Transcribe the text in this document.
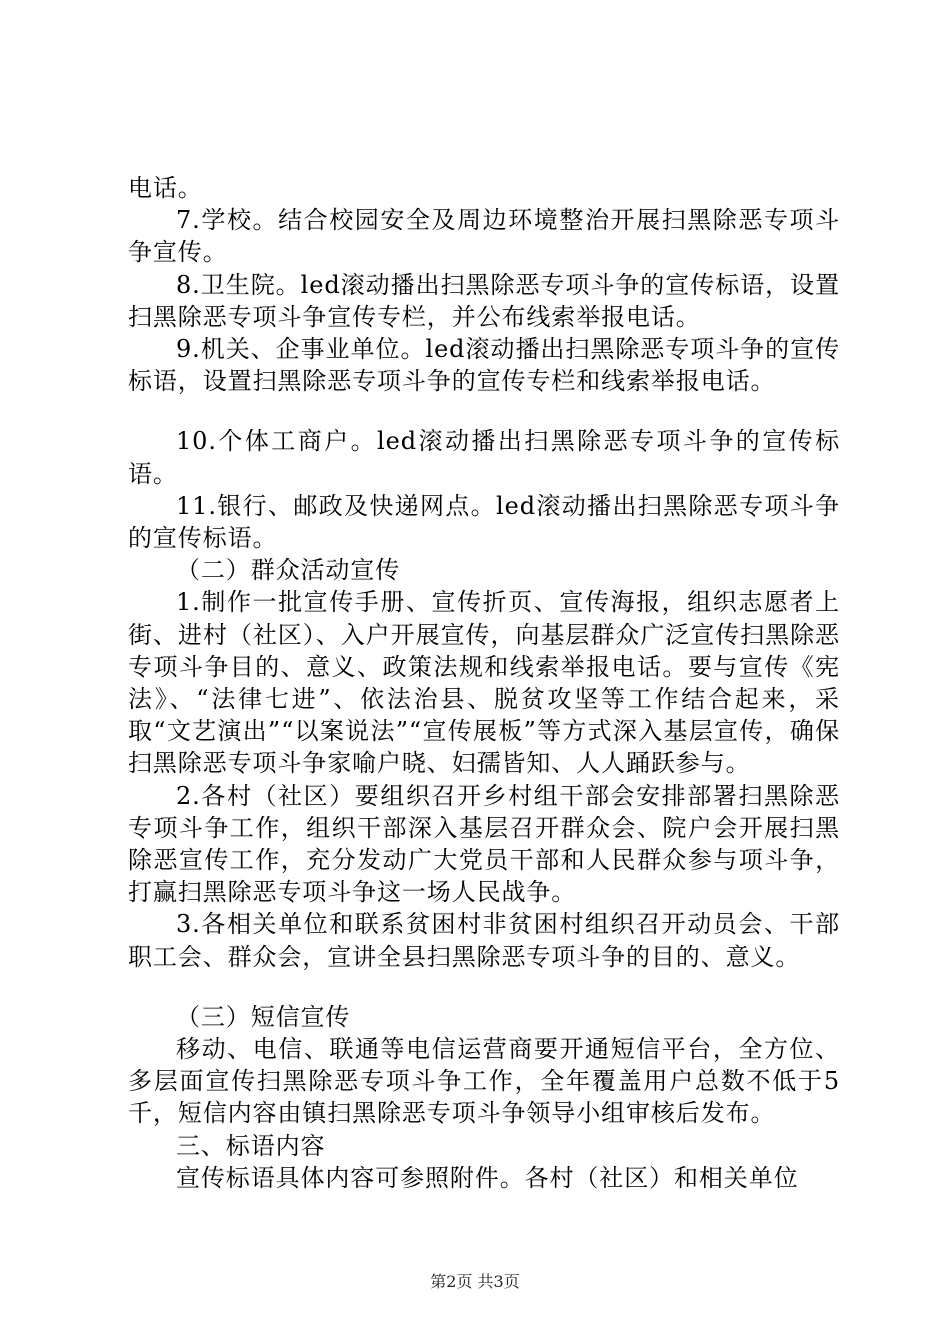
电话。

7.学校。结合校园安全及周边环境整治开展扫黑除恶专项斗争宣传。

8.卫生院。led滚动播出扫黑除恶专项斗争的宣传标语，设置扫黑除恶专项斗争宣传专栏，并公布线索举报电话。

9.机关、企事业单位。led滚动播出扫黑除恶专项斗争的宣传标语，设置扫黑除恶专项斗争的宣传专栏和线索举报电话。

10.个体工商户。led滚动播出扫黑除恶专项斗争的宣传标语。

11.银行、邮政及快递网点。led滚动播出扫黑除恶专项斗争的宣传标语。

（二）群众活动宣传

1.制作一批宣传手册、宣传折页、宣传海报，组织志愿者上街、进村（社区）、入户开展宣传，向基层群众广泛宣传扫黑除恶专项斗争目的、意义、政策法规和线索举报电话。要与宣传《宪法》、“法律七进”、依法治县、脱贫攻坚等工作结合起来，采取“文艺演出”“以案说法”“宣传展板”等方式深入基层宣传，确保扫黑除恶专项斗争家喻户晓、妇孺皆知、人人踊跃参与。

2.各村（社区）要组织召开乡村组干部会安排部署扫黑除恶专项斗争工作，组织干部深入基层召开群众会、院户会开展扫黑除恶宣传工作，充分发动广大党员干部和人民群众参与项斗争，打赢扫黑除恶专项斗争这一场人民战争。

3.各相关单位和联系贫困村非贫困村组织召开动员会、干部职工会、群众会，宣讲全县扫黑除恶专项斗争的目的、意义。

（三）短信宣传

移动、电信、联通等电信运营商要开通短信平台，全方位、多层面宣传扫黑除恶专项斗争工作，全年覆盖用户总数不低于5千，短信内容由镇扫黑除恶专项斗争领导小组审核后发布。

三、标语内容

宣传标语具体内容可参照附件。各村（社区）和相关单位

第2页 共3页
